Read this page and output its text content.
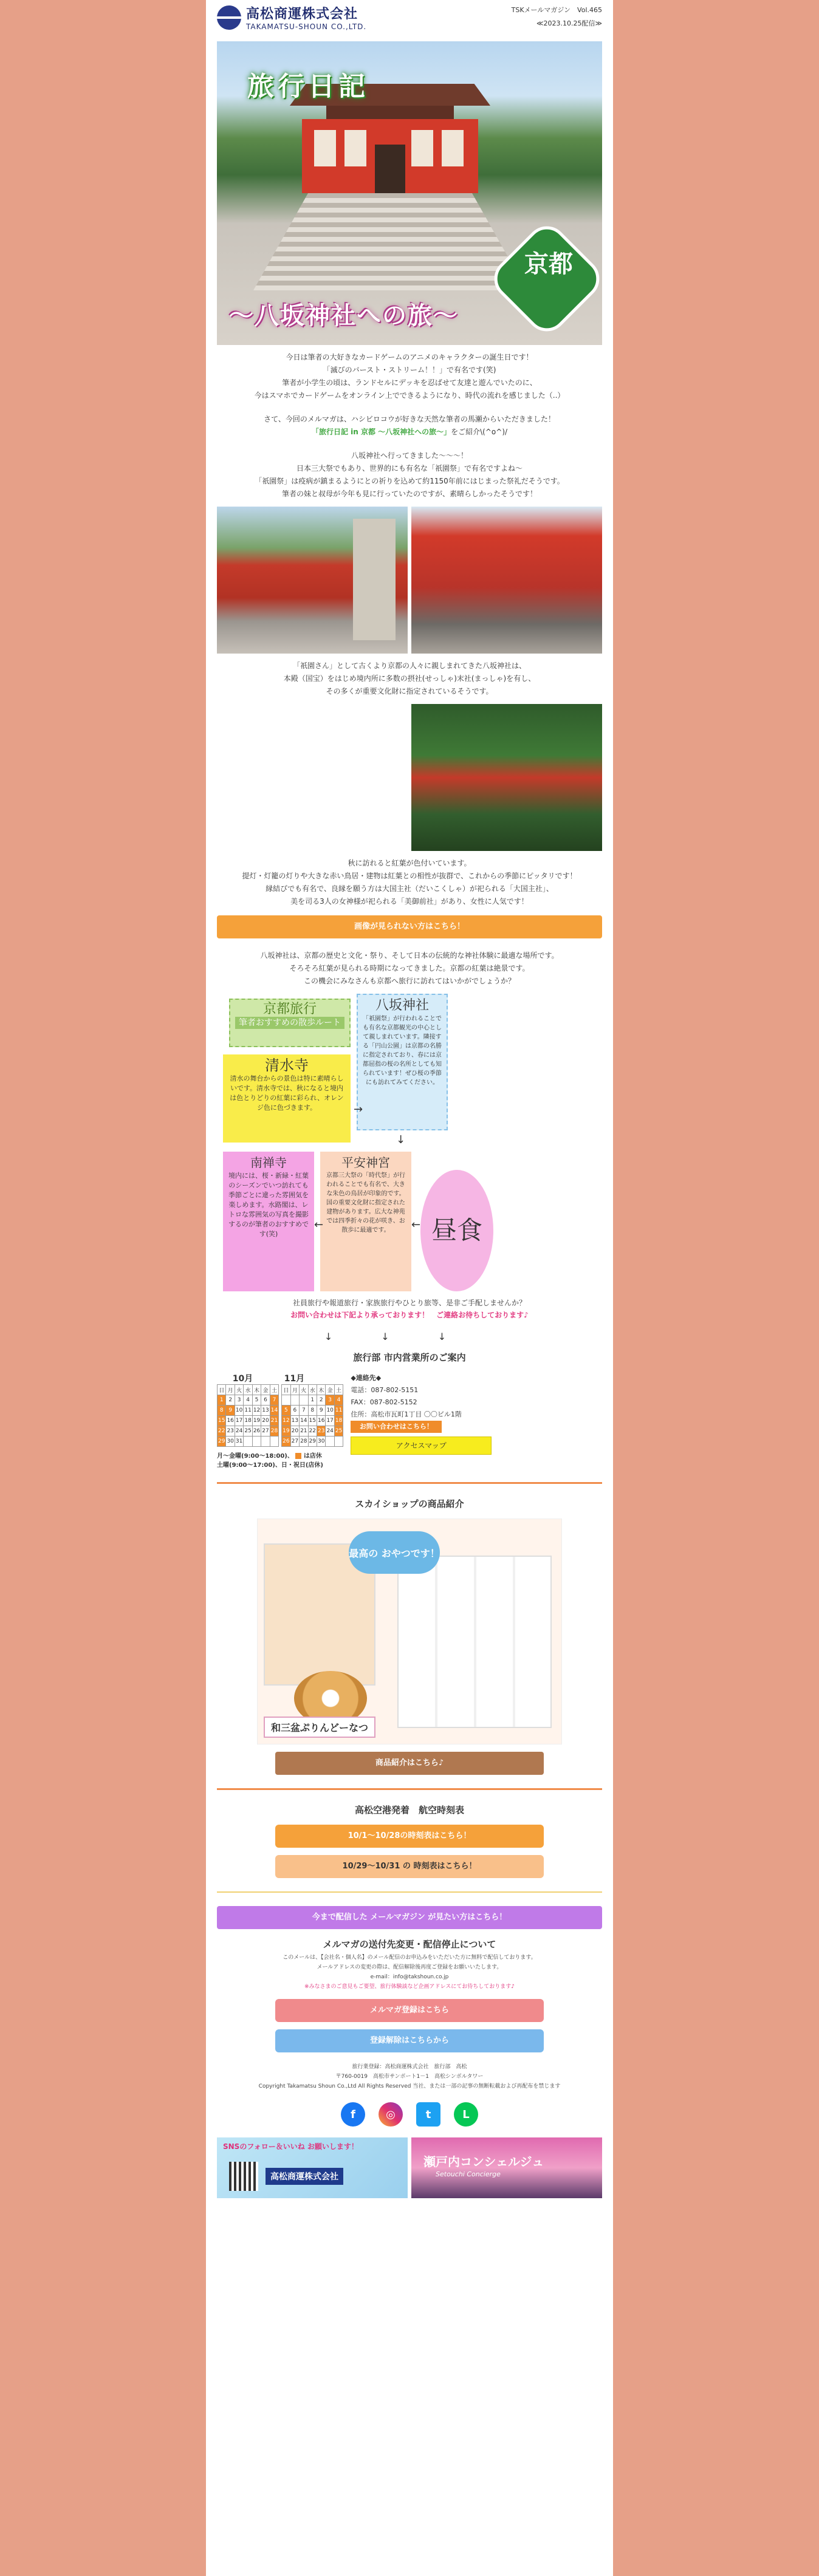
高松商運株式会社
TAKAMATSU-SHOUN CO.,LTD.
TSKメールマガジン　Vol.465
≪2023.10.25配信≫
旅行日記
〜八坂神社への旅〜
京都
今日は筆者の大好きなカードゲームのアニメのキャラクターの誕生日です！
「滅びのバースト・ストリーム！！」で有名です(笑)
筆者が小学生の頃は、ランドセルにデッキを忍ばせて友達と遊んでいたのに、
今はスマホでカードゲームをオンライン上でできるようになり、時代の流れを感じました（..）
さて、今回のメルマガは、ハシビロコウが好きな天然な筆者の馬瀬からいただきました！
「旅行日記 in 京都 〜八坂神社への旅〜」をご紹介\(^o^)/
八坂神社へ行ってきました〜〜〜！
日本三大祭でもあり、世界的にも有名な「祇園祭」で有名ですよね〜
「祇園祭」は疫病が鎮まるようにとの祈りを込めて約1150年前にはじまった祭礼だそうです。
筆者の妹と叔母が今年も見に行っていたのですが、素晴らしかったそうです！
「祇園さん」として古くより京都の人々に親しまれてきた八坂神社は、
本殿（国宝）をはじめ境内所に多数の摂社(せっしゃ)末社(まっしゃ)を有し、
その多くが重要文化財に指定されているそうです。
秋に訪れると紅葉が色付いています。
提灯・灯籠の灯りや大きな赤い鳥居・建物は紅葉との相性が抜群で、これからの季節にピッタリです！
縁結びでも有名で、良縁を願う方は大国主社（だいこくしゃ）が祀られる「大国主社」、
美を司る3人の女神様が祀られる「美御前社」があり、女性に人気です！
画像が見られない方はこちら！
八坂神社は、京都の歴史と文化・祭り、そして日本の伝統的な神社体験に最適な場所です。
そろそろ紅葉が見られる時期になってきました。京都の紅葉は絶景です。
この機会にみなさんも京都へ旅行に訪れてはいかがでしょうか？
京都旅行
筆者おすすめの散歩ルート
清水寺
清水の舞台からの景色は特に素晴らしいです。清水寺では、秋になると境内は色とりどりの紅葉に彩られ、オレンジ色に色づきます。
八坂神社
「祇園祭」が行われることでも有名な京都観光の中心として親しまれています。隣接する「円山公園」は京都の名勝に指定されており、春には京都屈指の桜の名所としても知られています！ぜひ桜の季節にも訪れてみてください。
南禅寺
境内には、桜・新緑・紅葉のシーズンでいつ訪れても季節ごとに違った雰囲気を楽しめます。水路閣は、レトロな雰囲気の写真を撮影するのが筆者のおすすめです(笑)
平安神宮
京都三大祭の「時代祭」が行われることでも有名で、大きな朱色の鳥居が印象的です。国の重要文化財に指定された建物があります。広大な神苑では四季折々の花が咲き、お散歩に最適です。	昼食
↓
→
←
←
社員旅行や報道旅行・家族旅行やひとり旅等、是非ご手配しませんか？
お問い合わせは下記より承っております！　ご連絡お待ちしております♪
↓↓↓
旅行部 市内営業所のご案内
10月	11月
日	月	火	水	木	金	土
1	2	3	4	5	6	7
8	9	10	11	12	13	14
15	16	17	18	19	20	21
22	23	24	25	26	27	28
29	30	31				
日	月	火	水	木	金	土
			1	2	3	4
5	6	7	8	9	10	11
12	13	14	15	16	17	18
19	20	21	22	23	24	25
26	27	28	29	30		
月〜金曜(9:00〜18:00)、 は店休
土曜(9:00〜17:00)、日・祝日(店休)
◆連絡先◆
電話：087-802-5151
FAX：087-802-5152
住所：高松市瓦町1丁目 〇〇ビル1階
お問い合わせはこちら！
アクセスマップ
スカイショップの商品紹介
最高の おやつです！
和三盆ぷりんどーなつ
商品紹介はこちら♪
高松空港発着　航空時刻表
10/1〜10/28の時刻表はこちら！
10/29〜10/31 の 時刻表はこちら！
今まで配信した メールマガジン が見たい方はこちら！
メルマガの送付先変更・配信停止について
このメールは、【会社名・個人名】のメール配信のお申込みをいただいた方に無料で配信しております。
メールアドレスの変更の際は、配信解除後再度ご登録をお願いいたします。
e-mail：info@takshoun.co.jp
※みなさまのご意見もご要望、旅行体験談など企画アドレスにてお待ちしております♪
メルマガ登録はこちら
登録解除はこちらから
旅行業登録：高松商運株式会社　旅行部　高松
〒760-0019　高松市サンポート1－1　高松シンボルタワー
Copyright Takamatsu Shoun Co.,Ltd All Rights Reserved 当社、または一部の記事の無断転載および再配布を禁じます
f	◎	t	L
SNSのフォロー＆いいね お願いします！
高松商運株式会社
瀬戸内コンシェルジュ
Setouchi Concierge
